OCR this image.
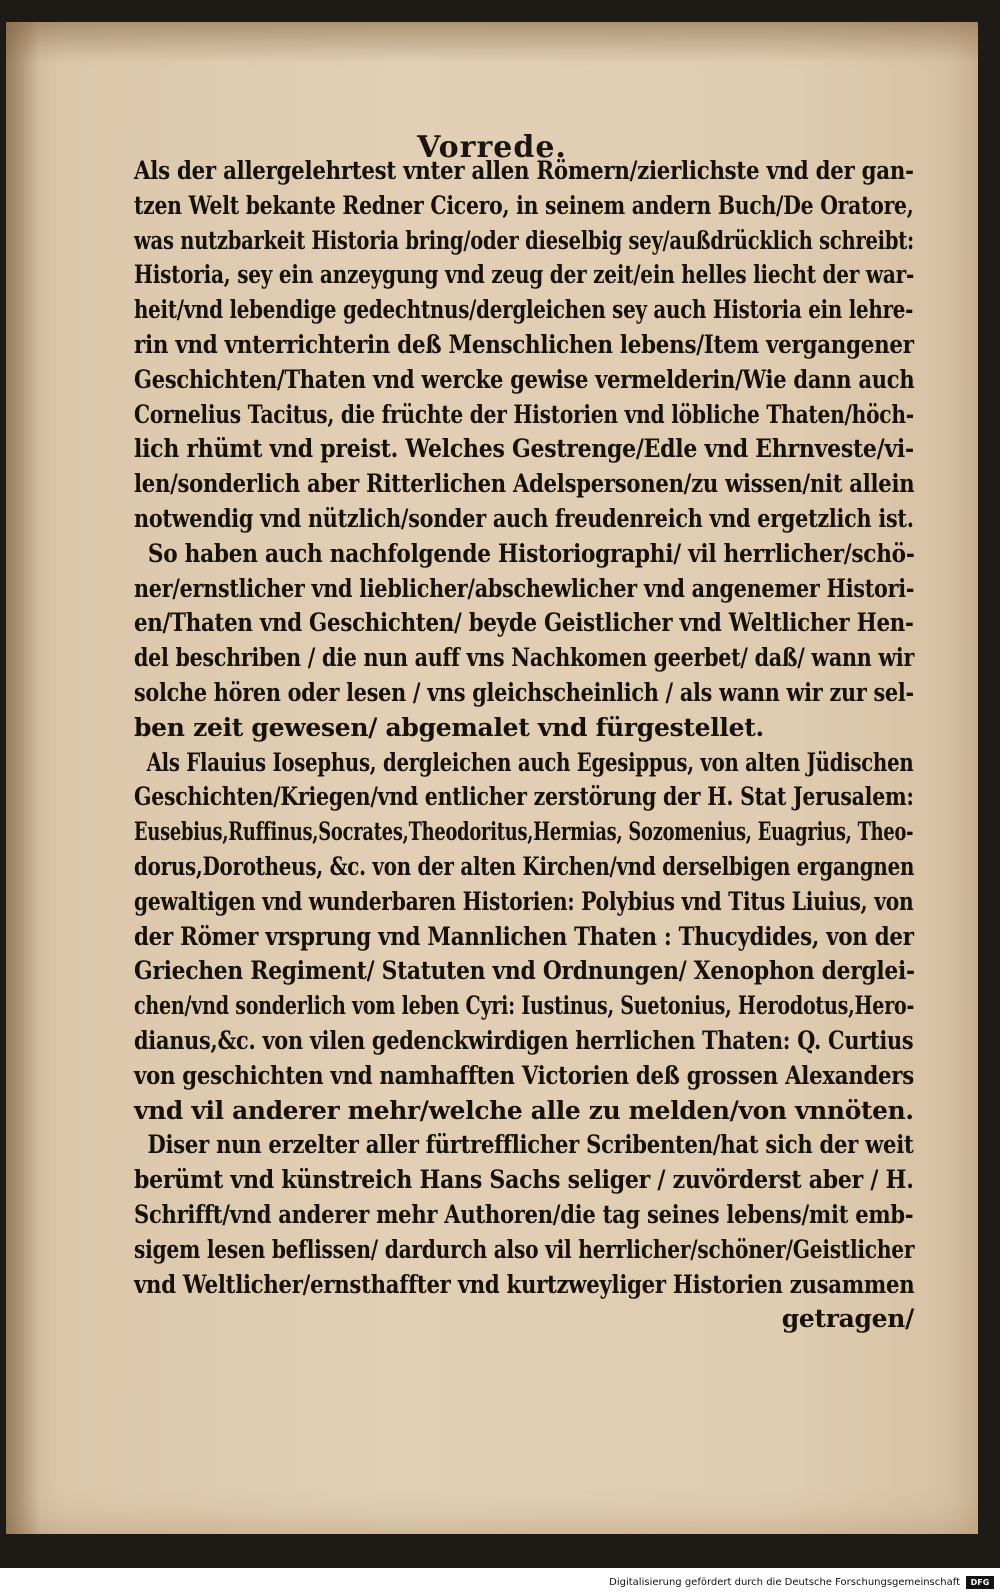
Vorrede.
Als der allergelehrtest vnter allen Römern/zierlichste vnd der gan-
tzen Welt bekante Redner Cicero, in seinem andern Buch/De Oratore,
was nutzbarkeit Historia bring/oder dieselbig sey/außdrücklich schreibt:
Historia, sey ein anzeygung vnd zeug der zeit/ein helles liecht der war-
heit/vnd lebendige gedechtnus/dergleichen sey auch Historia ein lehre-
rin vnd vnterrichterin deß Menschlichen lebens/Item vergangener
Geschichten/Thaten vnd wercke gewise vermelderin/Wie dann auch
Cornelius Tacitus, die früchte der Historien vnd löbliche Thaten/höch-
lich rhümt vnd preist. Welches Gestrenge/Edle vnd Ehrnveste/vi-
len/sonderlich aber Ritterlichen Adelspersonen/zu wissen/nit allein
notwendig vnd nützlich/sonder auch freudenreich vnd ergetzlich ist.
So haben auch nachfolgende Historiographi/ vil herrlicher/schö-
ner/ernstlicher vnd lieblicher/abschewlicher vnd angenemer Histori-
en/Thaten vnd Geschichten/ beyde Geistlicher vnd Weltlicher Hen-
del beschriben / die nun auff vns Nachkomen geerbet/ daß/ wann wir
solche hören oder lesen / vns gleichscheinlich / als wann wir zur sel-
ben zeit gewesen/ abgemalet vnd fürgestellet.
Als Flauius Iosephus, dergleichen auch Egesippus, von alten Jüdischen
Geschichten/Kriegen/vnd entlicher zerstörung der H. Stat Jerusalem:
Eusebius,Ruffinus,Socrates,Theodoritus,Hermias, Sozomenius, Euagrius, Theo-
dorus,Dorotheus, &c. von der alten Kirchen/vnd derselbigen ergangnen
gewaltigen vnd wunderbaren Historien: Polybius vnd Titus Liuius, von
der Römer vrsprung vnd Mannlichen Thaten : Thucydides, von der
Griechen Regiment/ Statuten vnd Ordnungen/ Xenophon derglei-
chen/vnd sonderlich vom leben Cyri: Iustinus, Suetonius, Herodotus,Hero-
dianus,&c. von vilen gedenckwirdigen herrlichen Thaten: Q. Curtius
von geschichten vnd namhafften Victorien deß grossen Alexanders
vnd vil anderer mehr/welche alle zu melden/von vnnöten.
Diser nun erzelter aller fürtrefflicher Scribenten/hat sich der weit
berümt vnd künstreich Hans Sachs seliger / zuvörderst aber / H.
Schrifft/vnd anderer mehr Authoren/die tag seines lebens/mit emb-
sigem lesen beflissen/ dardurch also vil herrlicher/schöner/Geistlicher
vnd Weltlicher/ernsthaffter vnd kurtzweyliger Historien zusammen
getragen/
Digitalisierung gefördert durch die Deutsche Forschungsgemeinschaft	DFG
